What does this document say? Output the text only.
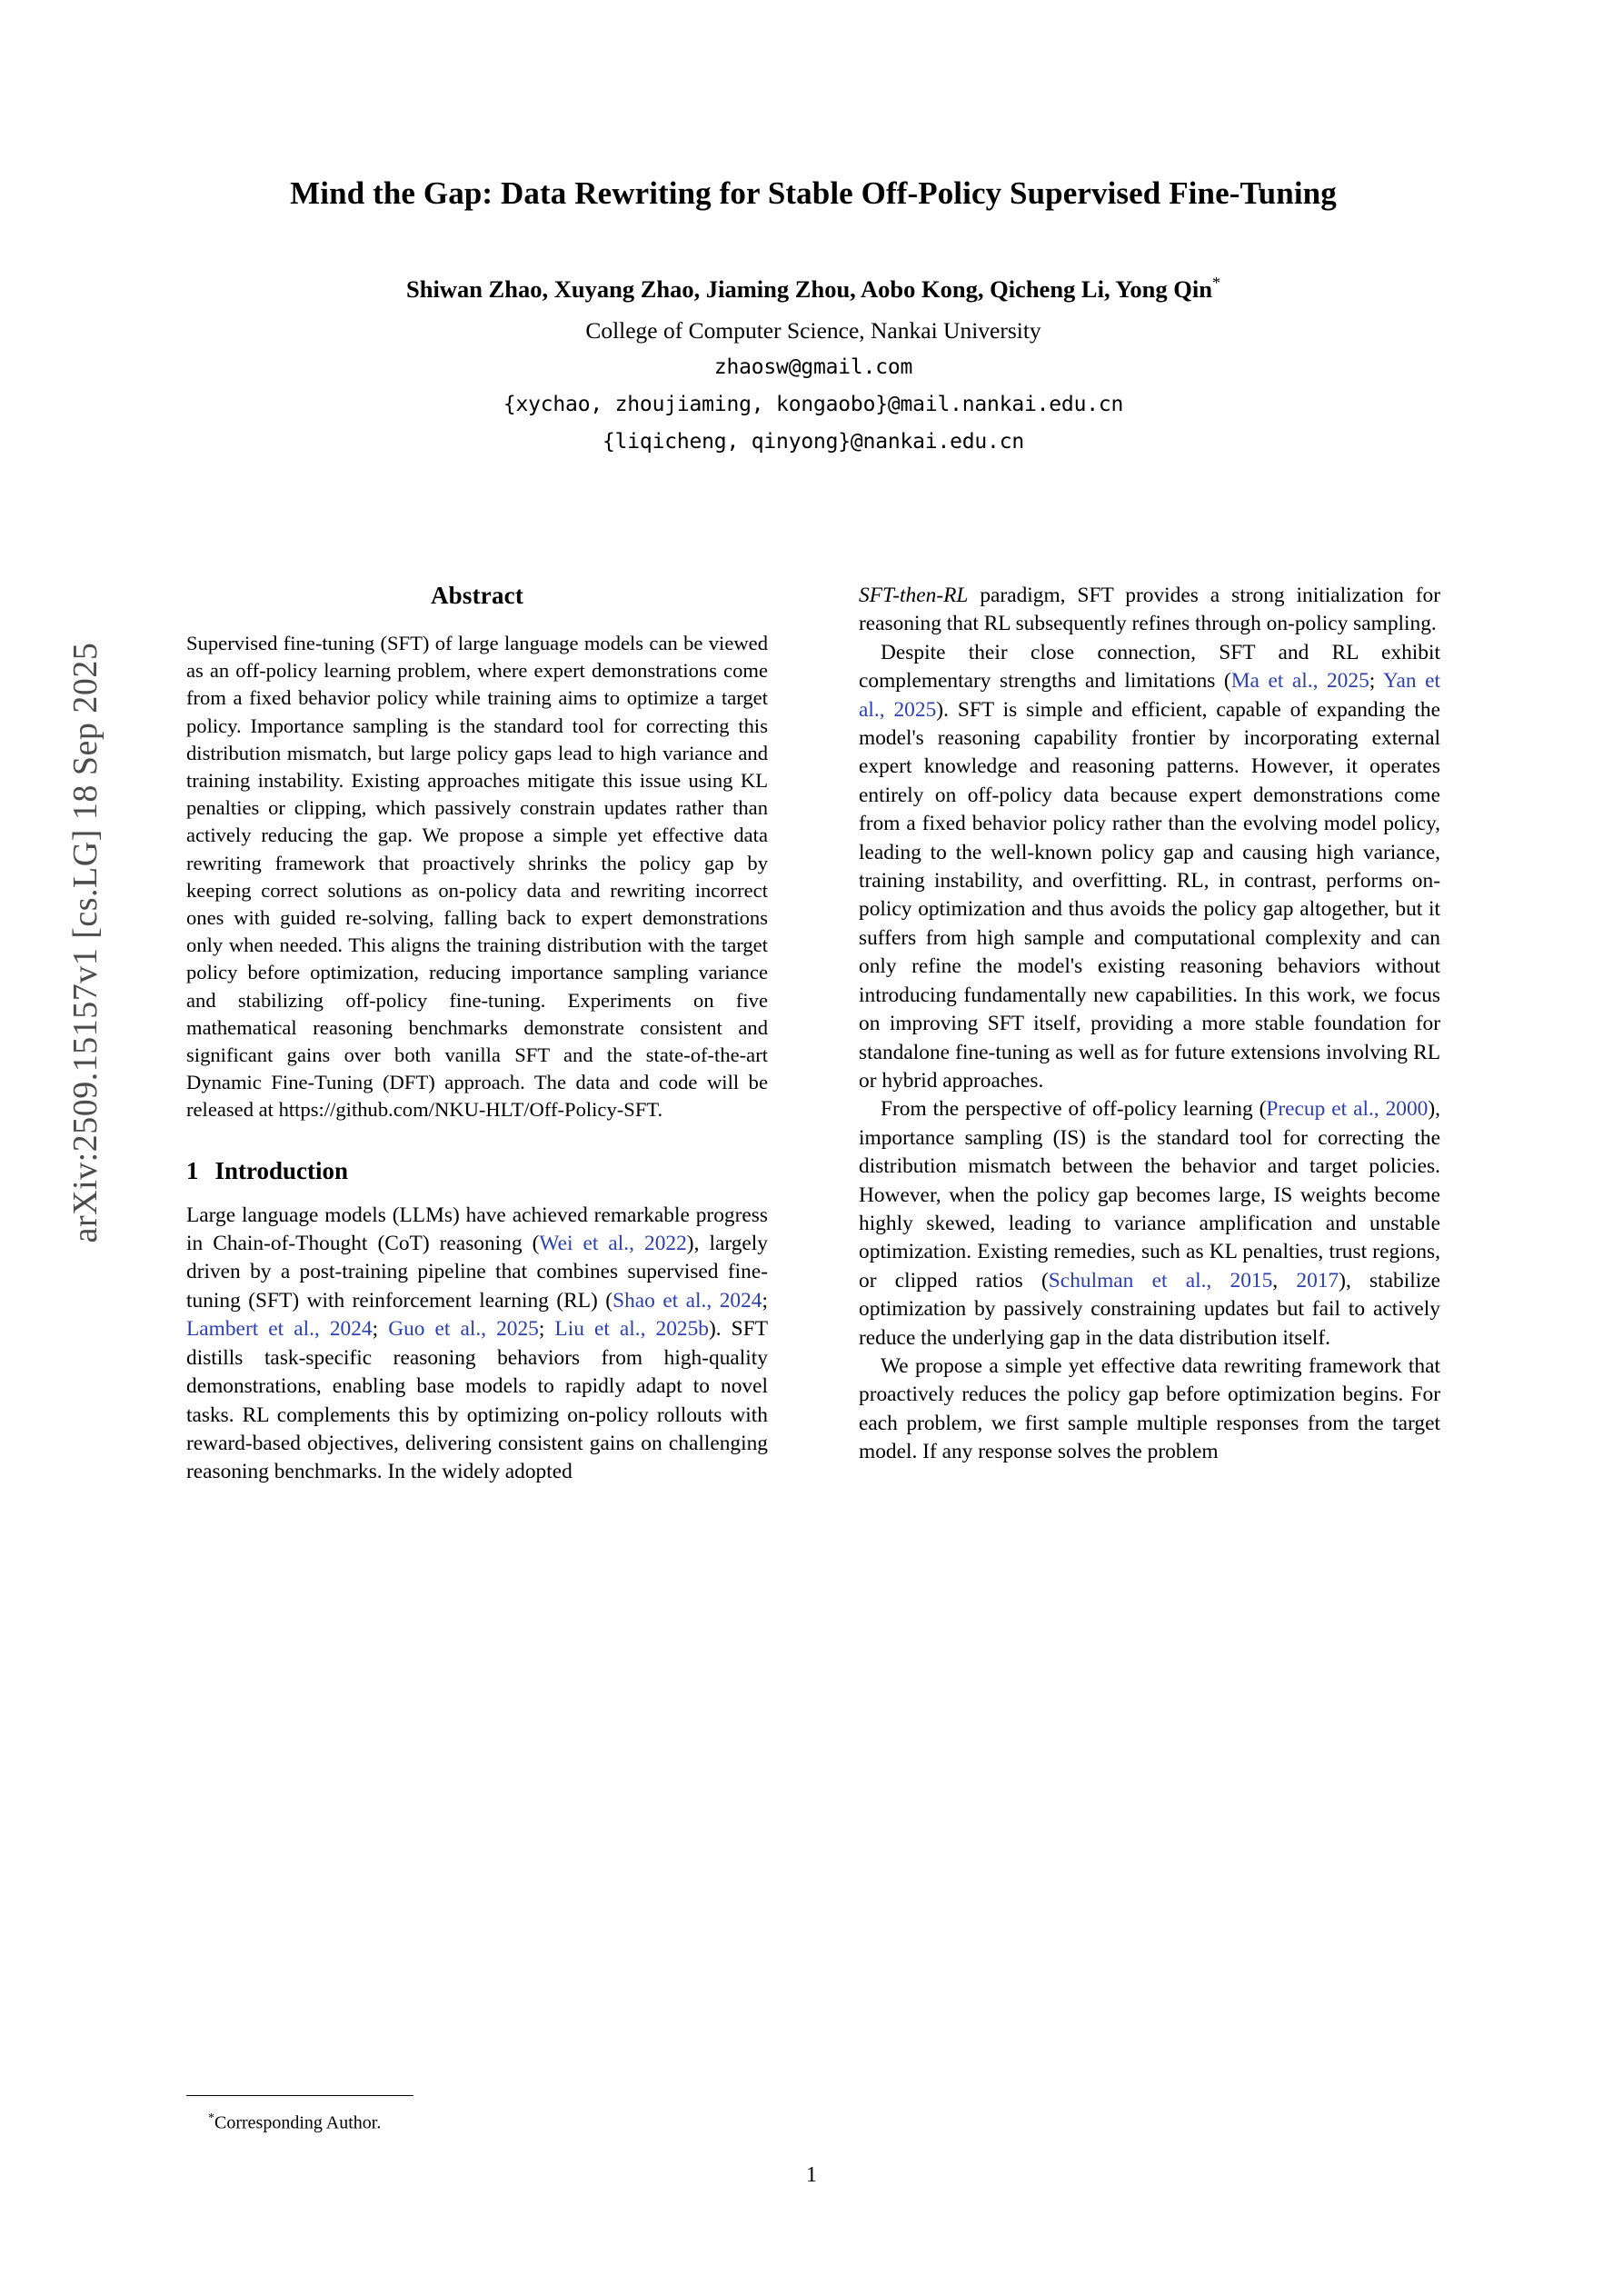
arXiv:2509.15157v1 [cs.LG] 18 Sep 2025
Mind the Gap: Data Rewriting for Stable Off-Policy Supervised Fine-Tuning
Shiwan Zhao, Xuyang Zhao, Jiaming Zhou, Aobo Kong, Qicheng Li, Yong Qin*
College of Computer Science, Nankai University
zhaosw@gmail.com
{xychao, zhoujiaming, kongaobo}@mail.nankai.edu.cn
{liqicheng, qinyong}@nankai.edu.cn
Abstract

Supervised fine-tuning (SFT) of large language models can be viewed as an off-policy learning problem, where expert demonstrations come from a fixed behavior policy while training aims to optimize a target policy. Importance sampling is the standard tool for correcting this distribution mismatch, but large policy gaps lead to high variance and training instability. Existing approaches mitigate this issue using KL penalties or clipping, which passively constrain updates rather than actively reducing the gap. We propose a simple yet effective data rewriting framework that proactively shrinks the policy gap by keeping correct solutions as on-policy data and rewriting incorrect ones with guided re-solving, falling back to expert demonstrations only when needed. This aligns the training distribution with the target policy before optimization, reducing importance sampling variance and stabilizing off-policy fine-tuning. Experiments on five mathematical reasoning benchmarks demonstrate consistent and significant gains over both vanilla SFT and the state-of-the-art Dynamic Fine-Tuning (DFT) approach. The data and code will be released at https://github.com/NKU-HLT/Off-Policy-SFT.

1 Introduction

Large language models (LLMs) have achieved remarkable progress in Chain-of-Thought (CoT) reasoning (Wei et al., 2022), largely driven by a post-training pipeline that combines supervised fine-tuning (SFT) with reinforcement learning (RL) (Shao et al., 2024; Lambert et al., 2024; Guo et al., 2025; Liu et al., 2025b). SFT distills task-specific reasoning behaviors from high-quality demonstrations, enabling base models to rapidly adapt to novel tasks. RL complements this by optimizing on-policy rollouts with reward-based objectives, delivering consistent gains on challenging reasoning benchmarks. In the widely adopted

*Corresponding Author.

SFT-then-RL paradigm, SFT provides a strong initialization for reasoning that RL subsequently refines through on-policy sampling.

Despite their close connection, SFT and RL exhibit complementary strengths and limitations (Ma et al., 2025; Yan et al., 2025). SFT is simple and efficient, capable of expanding the model's reasoning capability frontier by incorporating external expert knowledge and reasoning patterns. However, it operates entirely on off-policy data because expert demonstrations come from a fixed behavior policy rather than the evolving model policy, leading to the well-known policy gap and causing high variance, training instability, and overfitting. RL, in contrast, performs on-policy optimization and thus avoids the policy gap altogether, but it suffers from high sample and computational complexity and can only refine the model's existing reasoning behaviors without introducing fundamentally new capabilities. In this work, we focus on improving SFT itself, providing a more stable foundation for standalone fine-tuning as well as for future extensions involving RL or hybrid approaches.

From the perspective of off-policy learning (Precup et al., 2000), importance sampling (IS) is the standard tool for correcting the distribution mismatch between the behavior and target policies. However, when the policy gap becomes large, IS weights become highly skewed, leading to variance amplification and unstable optimization. Existing remedies, such as KL penalties, trust regions, or clipped ratios (Schulman et al., 2015, 2017), stabilize optimization by passively constraining updates but fail to actively reduce the underlying gap in the data distribution itself.

We propose a simple yet effective data rewriting framework that proactively reduces the policy gap before optimization begins. For each problem, we first sample multiple responses from the target model. If any response solves the problem

1
